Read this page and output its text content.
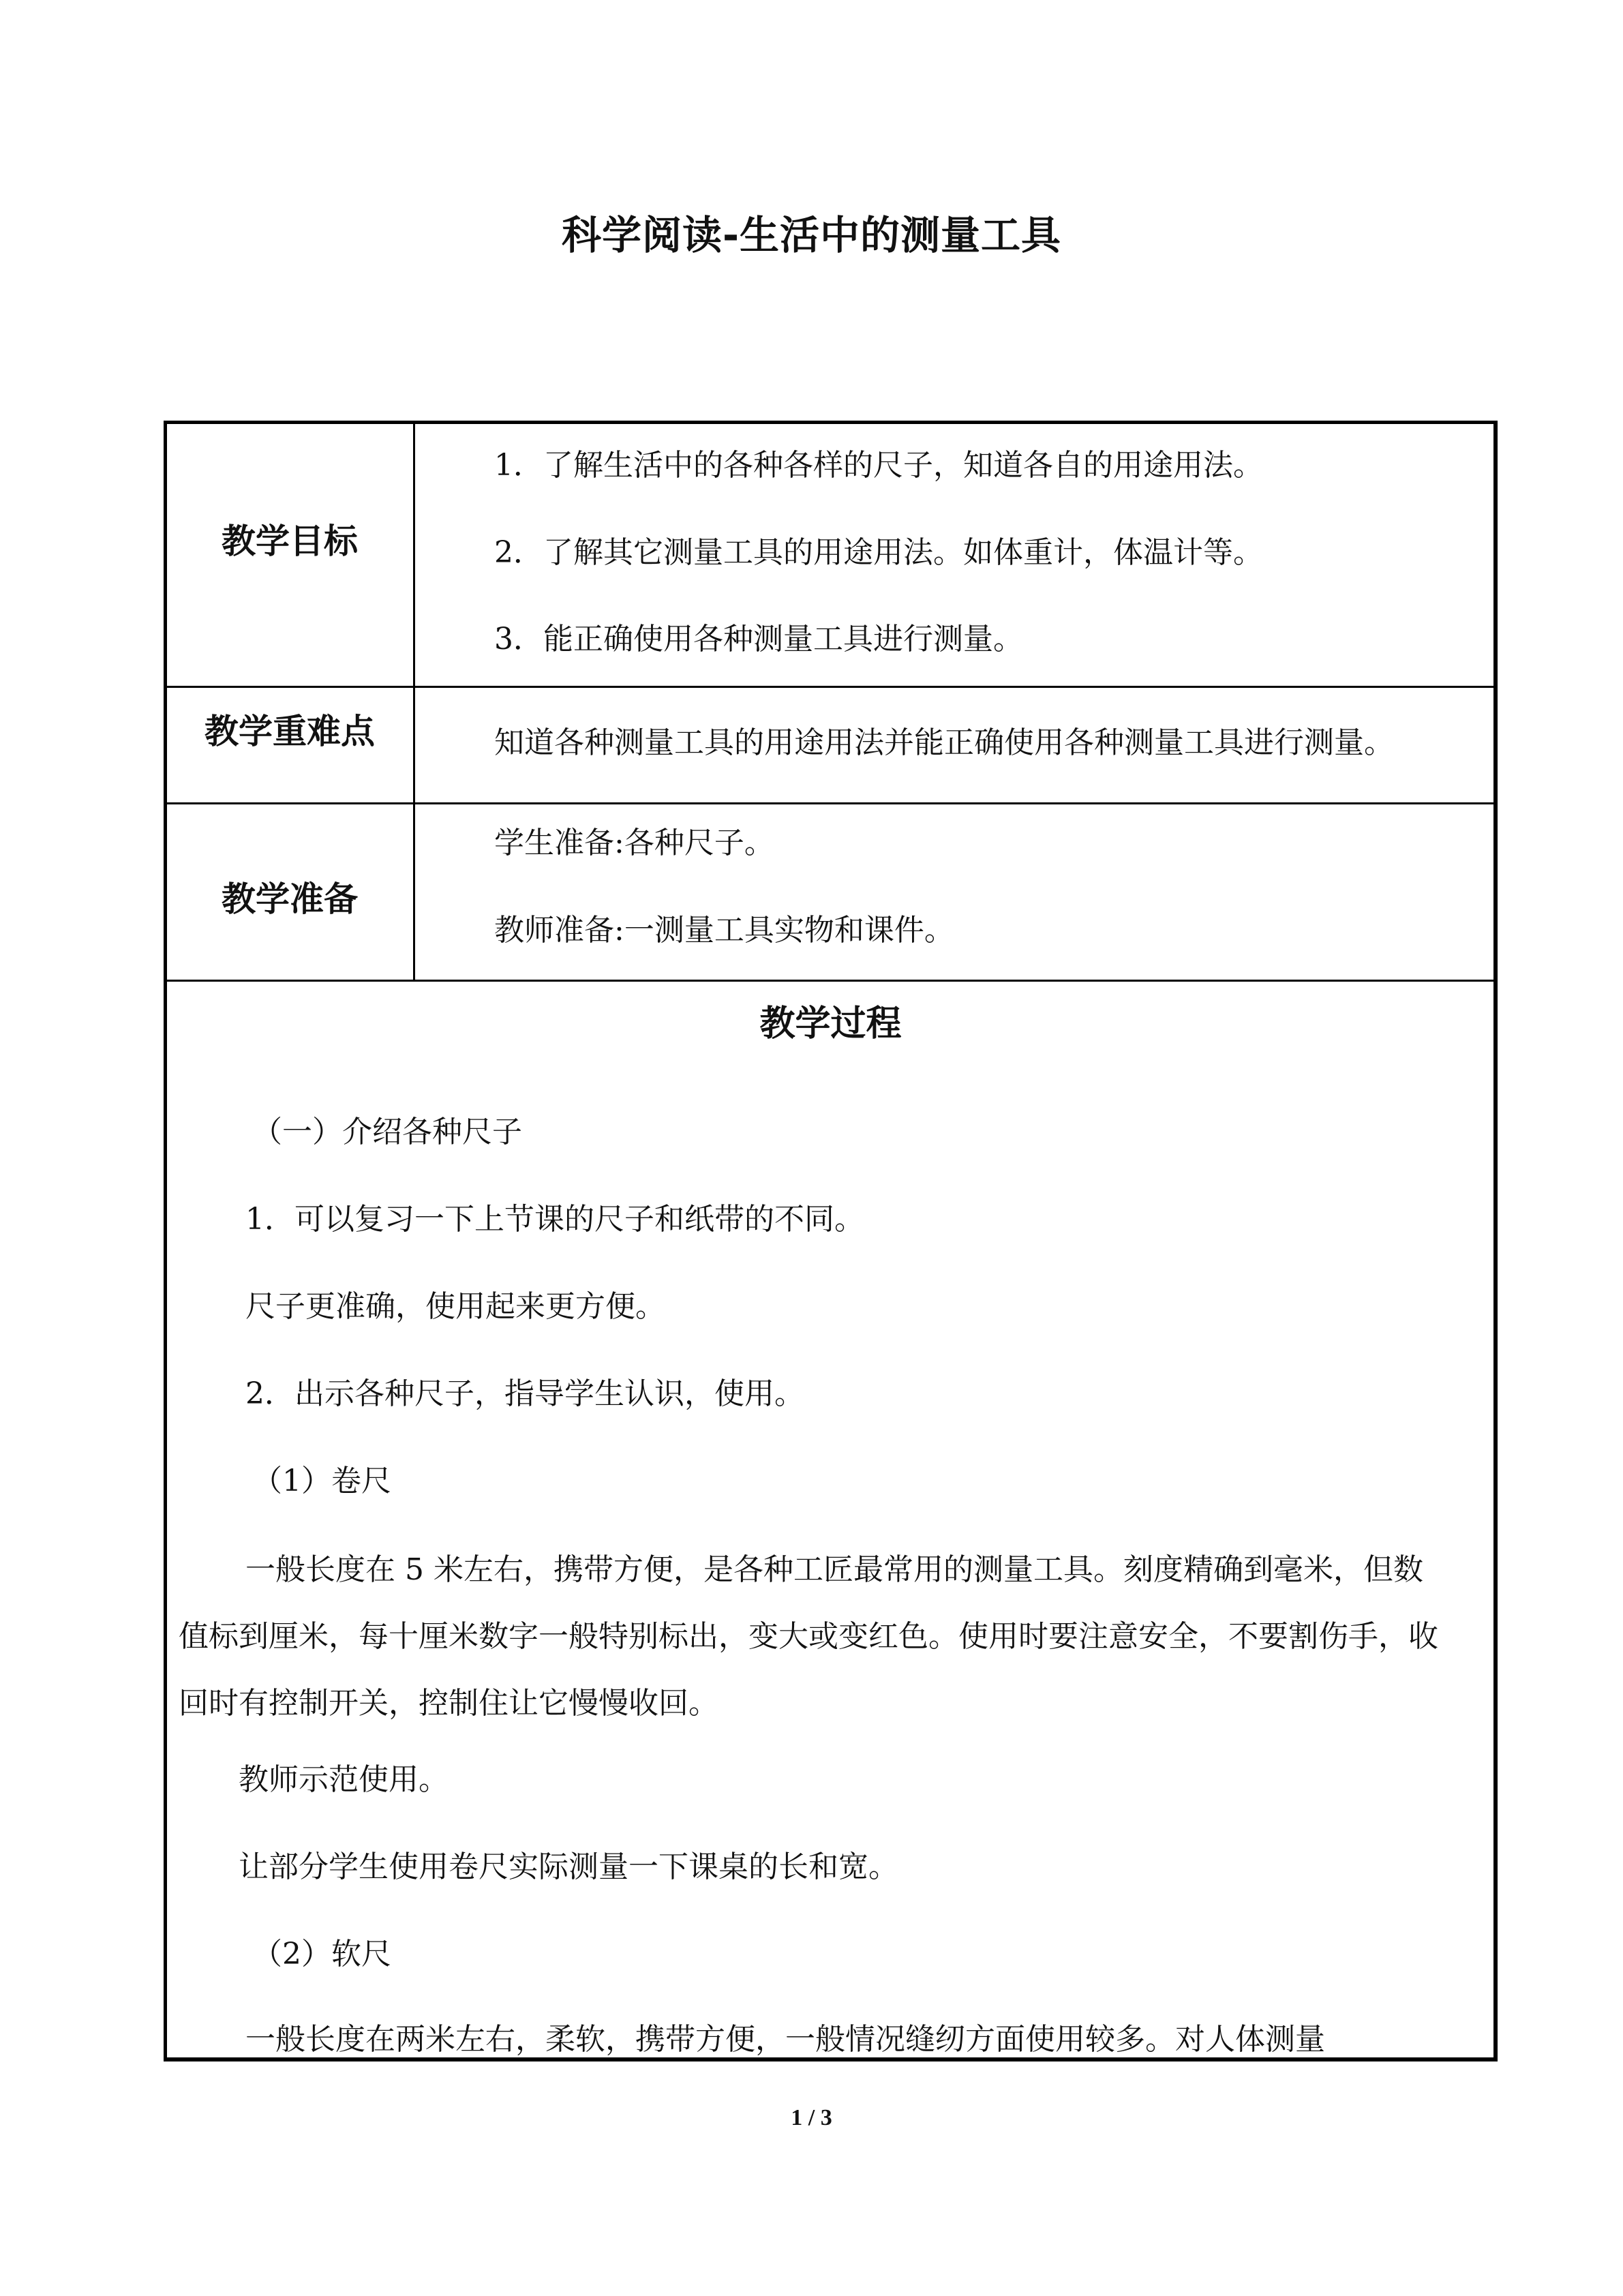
科学阅读-生活中的测量工具
教学目标
1．了解生活中的各种各样的尺子，知道各自的用途用法。
2．了解其它测量工具的用途用法。如体重计，体温计等。
3．能正确使用各种测量工具进行测量。
教学重难点	知道各种测量工具的用途用法并能正确使用各种测量工具进行测量。
教学准备
学生准备:各种尺子。
教师准备:一测量工具实物和课件。
教学过程
（一）介绍各种尺子
1．可以复习一下上节课的尺子和纸带的不同。
尺子更准确，使用起来更方便。
2．出示各种尺子，指导学生认识，使用。
（1）卷尺
一般长度在 5 米左右，携带方便，是各种工匠最常用的测量工具。刻度精确到毫米，但数值标到厘米，每十厘米数字一般特别标出，变大或变红色。使用时要注意安全，不要割伤手，收回时有控制开关，控制住让它慢慢收回。
教师示范使用。
让部分学生使用卷尺实际测量一下课桌的长和宽。
（2）软尺
一般长度在两米左右，柔软，携带方便，一般情况缝纫方面使用较多。对人体测量
1 / 3
